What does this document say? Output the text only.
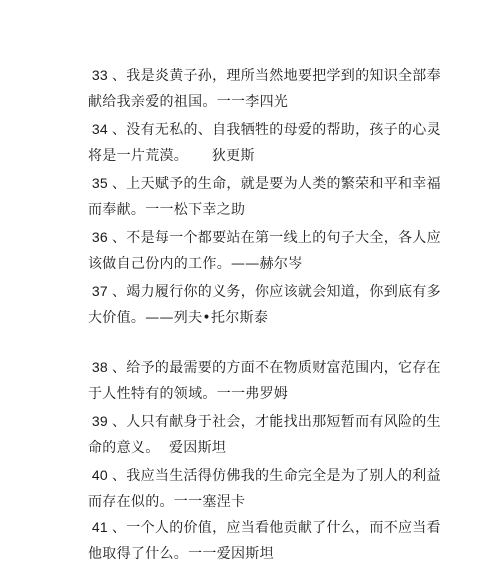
33 、我是炎黄子孙，理所当然地要把学到的知识全部奉
献给我亲爱的祖国。一一李四光
34 、没有无私的、自我牺牲的母爱的帮助，孩子的心灵
将是一片荒漠。     狄更斯
35 、上天赋予的生命，就是要为人类的繁荣和平和幸福
而奉献。一一松下幸之助
36 、不是每一个都要站在第一线上的句子大全，各人应
该做自己份内的工作。——赫尔岑
37 、竭力履行你的义务，你应该就会知道，你到底有多
大价值。——列夫•托尔斯泰
38 、给予的最需要的方面不在物质财富范围内，它存在
于人性特有的领域。一一弗罗姆
39 、人只有献身于社会，才能找出那短暂而有风险的生
命的意义。  爱因斯坦
40 、我应当生活得仿佛我的生命完全是为了别人的利益
而存在似的。一一塞涅卡
41 、一个人的价值，应当看他贡献了什么，而不应当看
他取得了什么。一一爱因斯坦
